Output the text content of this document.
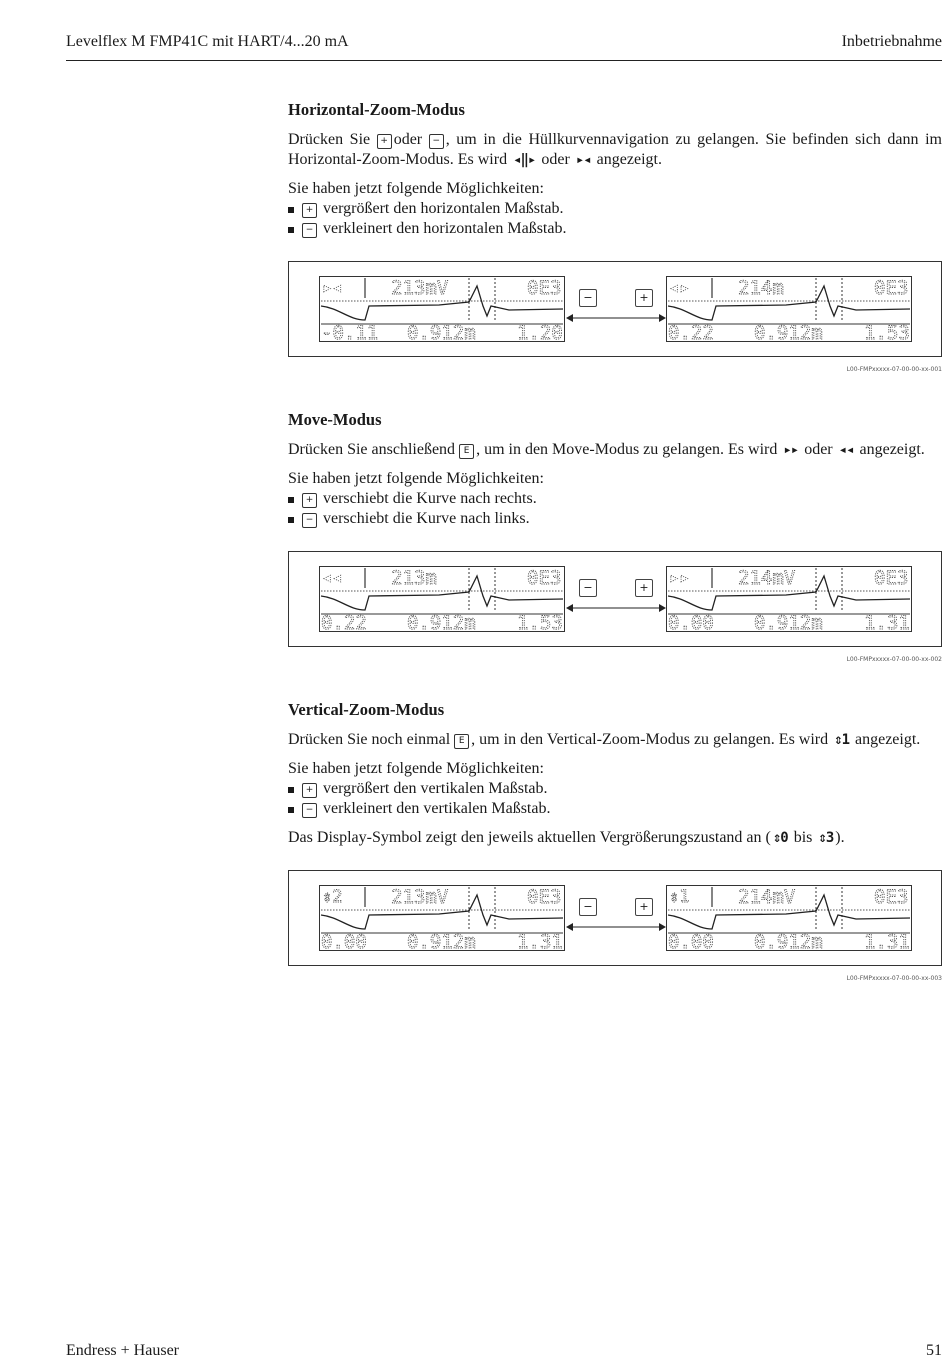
Levelflex M FMP41C mit HART/4...20 mA	Inbetriebnahme
Horizontal-Zoom-Modus

Drücken Sie + oder − , um in die Hüllkurvennavigation zu gelangen. Sie befinden sich dann im Horizontal-Zoom-Modus. Es wird ◂‖▸ oder ▸◂ angezeigt.

Sie haben jetzt folgende Möglichkeiten:

+ vergrößert den horizontalen Maßstab.
− verkleinert den horizontalen Maßstab.
▸◂	213mV	0E3
-0.11 0.912m 1.20
◂▸	214m	0E3
0.22 0.912m 1.53
−	+
L00-FMPxxxxx-07-00-00-xx-001
Move-Modus

Drücken Sie anschließend E , um in den Move-Modus zu gelangen. Es wird ▸▸ oder ◂◂ angezeigt.

Sie haben jetzt folgende Möglichkeiten:

+ verschiebt die Kurve nach rechts.
− verschiebt die Kurve nach links.
◂◂	213m	0E3
0.22 0.912m 1.53
▸▸	214mV	0E3
0.00 0.912m 1.31
−	+
L00-FMPxxxxx-07-00-00-xx-002
Vertical-Zoom-Modus

Drücken Sie noch einmal E , um in den Vertical-Zoom-Modus zu gelangen. Es wird ⇕1 angezeigt.

Sie haben jetzt folgende Möglichkeiten:

+ vergrößert den vertikalen Maßstab.
− verkleinert den vertikalen Maßstab.

Das Display-Symbol zeigt den jeweils aktuellen Vergrößerungszustand an ( ⇕0 bis ⇕3 ).

⇕2	213mV	0E3
0.00 0.912m 1.31
⇕1	214mV	0E3
0.00 0.912m 1.31
−	+
L00-FMPxxxxx-07-00-00-xx-003
Endress + Hauser	51
